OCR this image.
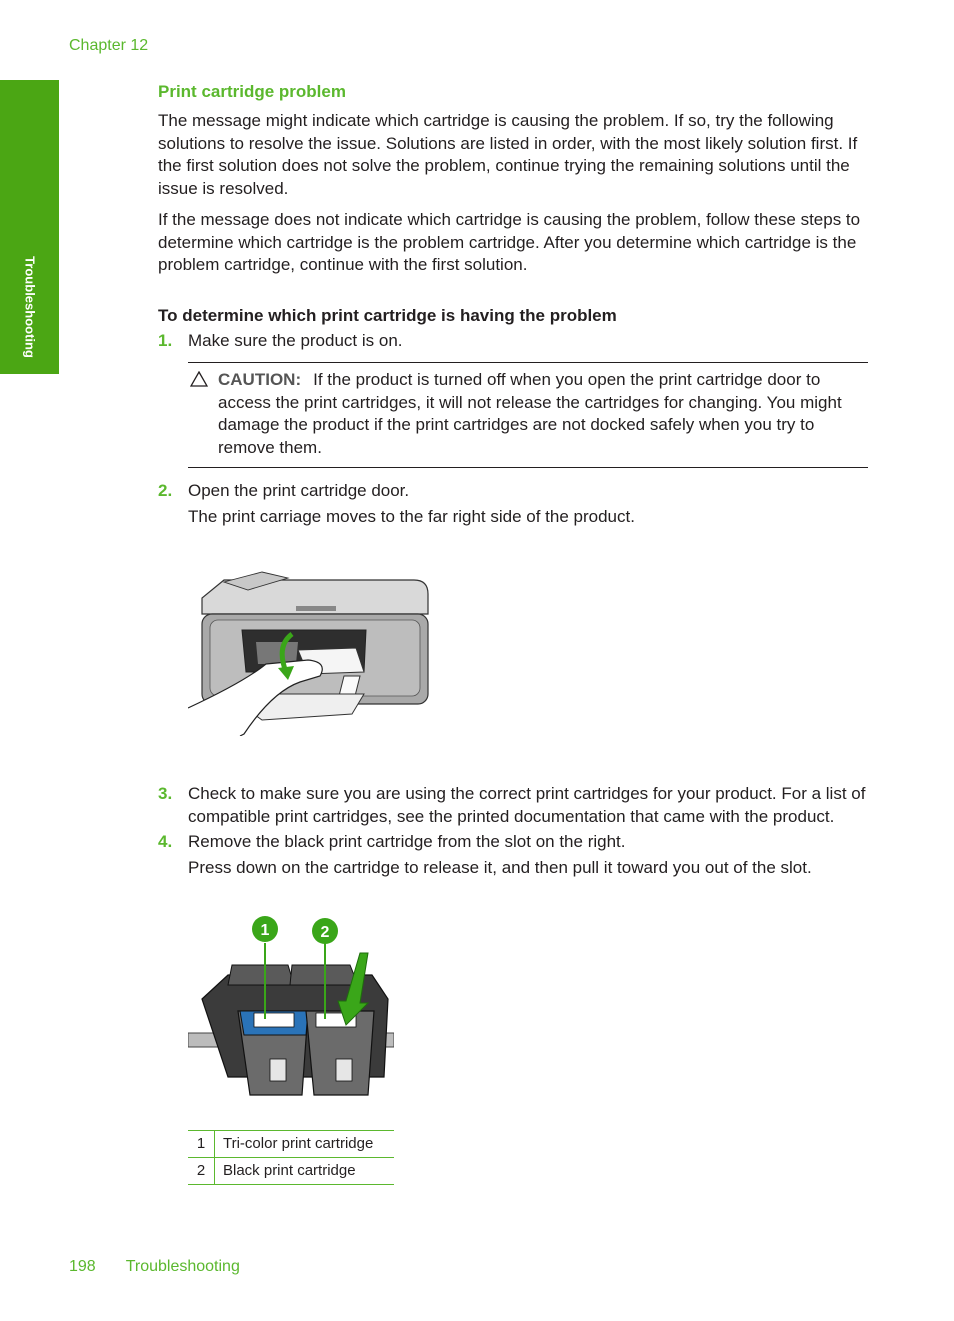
Chapter 12
Troubleshooting
Print cartridge problem

The message might indicate which cartridge is causing the problem. If so, try the following solutions to resolve the issue. Solutions are listed in order, with the most likely solution first. If the first solution does not solve the problem, continue trying the remaining solutions until the issue is resolved.

If the message does not indicate which cartridge is causing the problem, follow these steps to determine which cartridge is the problem cartridge. After you determine which cartridge is the problem cartridge, continue with the first solution.

To determine which print cartridge is having the problem
1. Make sure the product is on.
CAUTION: If the product is turned off when you open the print cartridge door to access the print cartridges, it will not release the cartridges for changing. You might damage the product if the print cartridges are not docked safely when you try to remove them.
2. Open the print cartridge door.
The print carriage moves to the far right side of the product.
3. Check to make sure you are using the correct print cartridges for your product. For a list of compatible print cartridges, see the printed documentation that came with the product.
4. Remove the black print cartridge from the slot on the right.
Press down on the cartridge to release it, and then pull it toward you out of the slot.
1	2
1	Tri-color print cartridge
2	Black print cartridge
198 Troubleshooting
